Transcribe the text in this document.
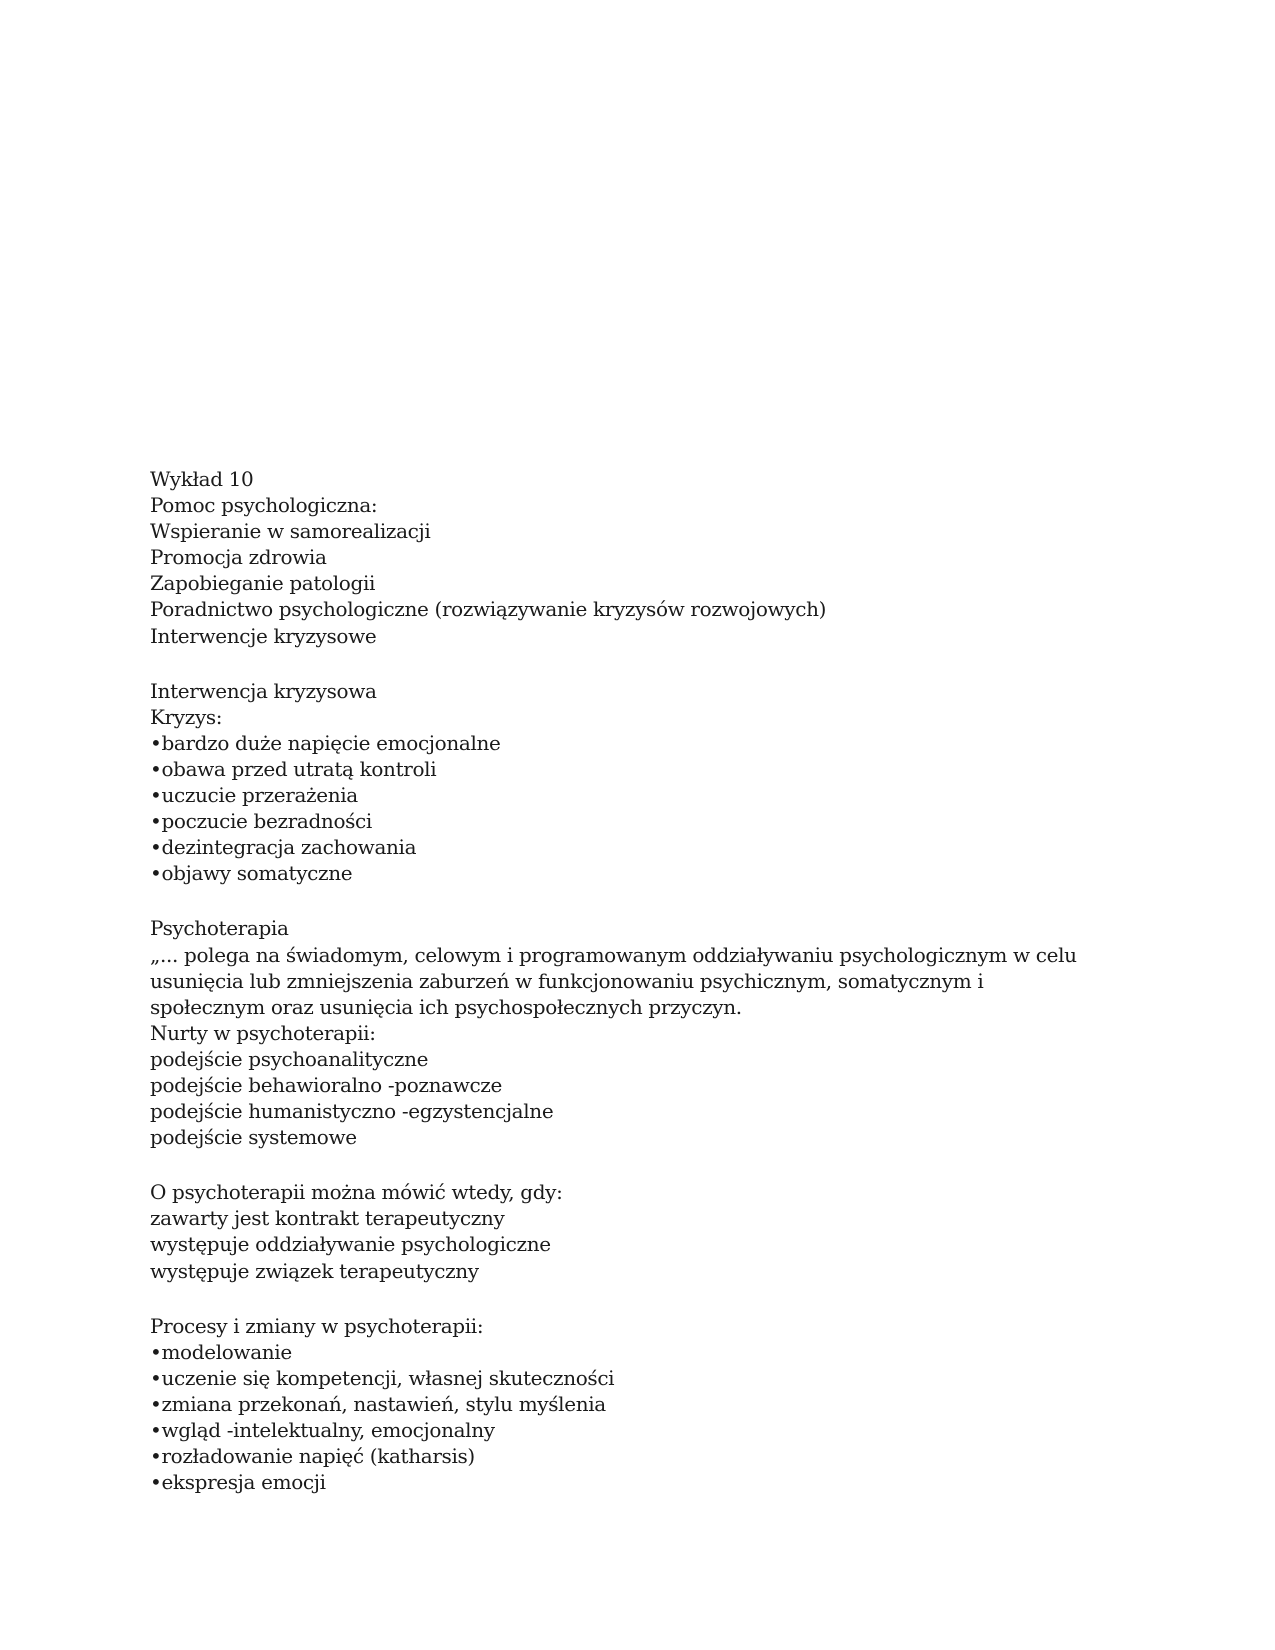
Wykład 10
Pomoc psychologiczna:
Wspieranie w samorealizacji
Promocja zdrowia
Zapobieganie patologii
Poradnictwo psychologiczne (rozwiązywanie kryzysów rozwojowych)
Interwencje kryzysowe
Interwencja kryzysowa
Kryzys:
•bardzo duże napięcie emocjonalne
•obawa przed utratą kontroli
•uczucie przerażenia
•poczucie bezradności
•dezintegracja zachowania
•objawy somatyczne
Psychoterapia
„... polega na świadomym, celowym i programowanym oddziaływaniu psychologicznym w celu
usunięcia lub zmniejszenia zaburzeń w funkcjonowaniu psychicznym, somatycznym i
społecznym oraz usunięcia ich psychospołecznych przyczyn.
Nurty w psychoterapii:
podejście psychoanalityczne
podejście behawioralno -poznawcze
podejście humanistyczno -egzystencjalne
podejście systemowe
O psychoterapii można mówić wtedy, gdy:
zawarty jest kontrakt terapeutyczny
występuje oddziaływanie psychologiczne
występuje związek terapeutyczny
Procesy i zmiany w psychoterapii:
•modelowanie
•uczenie się kompetencji, własnej skuteczności
•zmiana przekonań, nastawień, stylu myślenia
•wgląd -intelektualny, emocjonalny
•rozładowanie napięć (katharsis)
•ekspresja emocji
